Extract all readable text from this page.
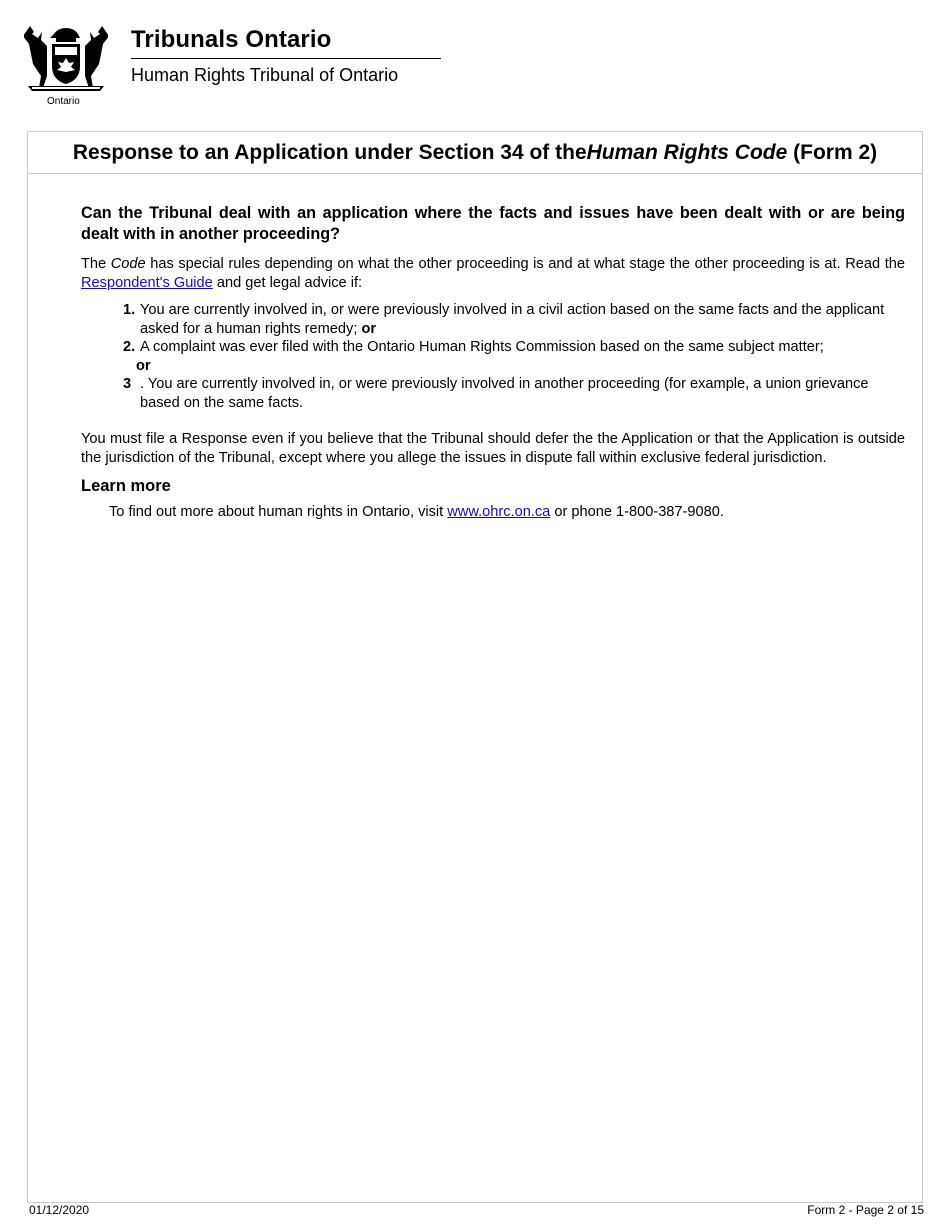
Ontario
Tribunals Ontario
Human Rights Tribunal of Ontario
Response to an Application under Section 34 of the Human Rights Code (Form 2)

Can the Tribunal deal with an application where the facts and issues have been dealt with or are being dealt with in another proceeding?

The Code has special rules depending on what the other proceeding is and at what stage the other proceeding is at. Read the Respondent's Guide and get legal advice if:

1. You are currently involved in, or were previously involved in a civil action based on the same facts and the applicant asked for a human rights remedy; or
2. A complaint was ever filed with the Ontario Human Rights Commission based on the same subject matter;
or
3 . You are currently involved in, or were previously involved in another proceeding (for example, a union grievance based on the same facts.

You must file a Response even if you believe that the Tribunal should defer the the Application or that the Application is outside the jurisdiction of the Tribunal, except where you allege the issues in dispute fall within exclusive federal jurisdiction.

Learn more

To find out more about human rights in Ontario, visit www.ohrc.on.ca or phone 1-800-387-9080.

01/12/2020	Form 2 - Page 2 of 15
